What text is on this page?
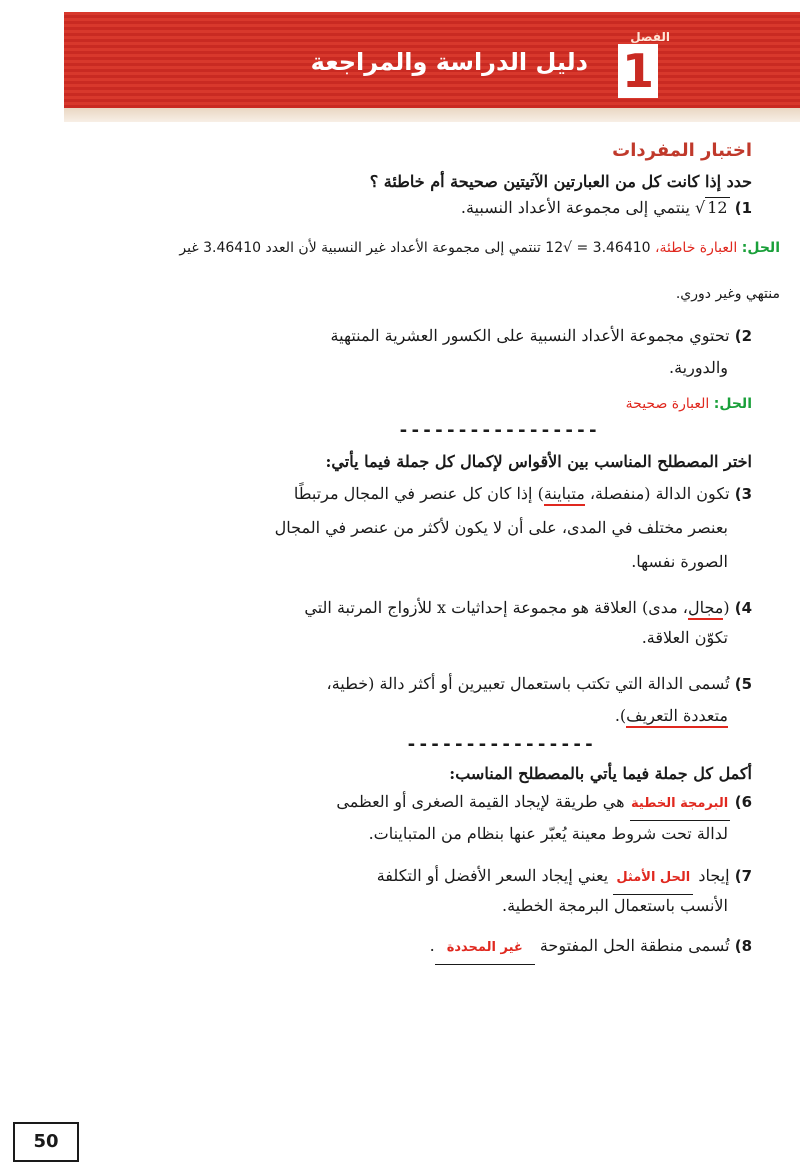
الفصل
1
دليل الدراسة والمراجعة
اختبار المفردات
حدد إذا كانت كل من العبارتين الآتيتين صحيحة أم خاطئة ؟
1) √ 12 ينتمي إلى مجموعة الأعداد النسبية.
الحل: العبارة خاطئة، 3.46410 = √12 تنتمي إلى مجموعة الأعداد غير النسبية لأن العدد 3.46410 غير
منتهي وغير دوري.
2) تحتوي مجموعة الأعداد النسبية على الكسور العشرية المنتهية
والدورية.
الحل: العبارة صحيحة
-----------------
اختر المصطلح المناسب بين الأقواس لإكمال كل جملة فيما يأتي:
3) تكون الدالة (منفصلة، متباينة) إذا كان كل عنصر في المجال مرتبطًا
بعنصر مختلف في المدى، على أن لا يكون لأكثر من عنصر في المجال
الصورة نفسها.
4) (مجال، مدى) العلاقة هو مجموعة إحداثيات x للأزواج المرتبة التي
تكوّن العلاقة.
5) تُسمى الدالة التي تكتب باستعمال تعبيرين أو أكثر دالة (خطية،
متعددة التعريف).
----------------
أكمل كل جملة فيما يأتي بالمصطلح المناسب:
6) البرمجة الخطية هي طريقة لإيجاد القيمة الصغرى أو العظمى
لدالة تحت شروط معينة يُعبّر عنها بنظام من المتباينات.
7) إيجاد الحل الأمثل يعني إيجاد السعر الأفضل أو التكلفة
الأنسب باستعمال البرمجة الخطية.
8) تُسمى منطقة الحل المفتوحة غير المحددة.
50
